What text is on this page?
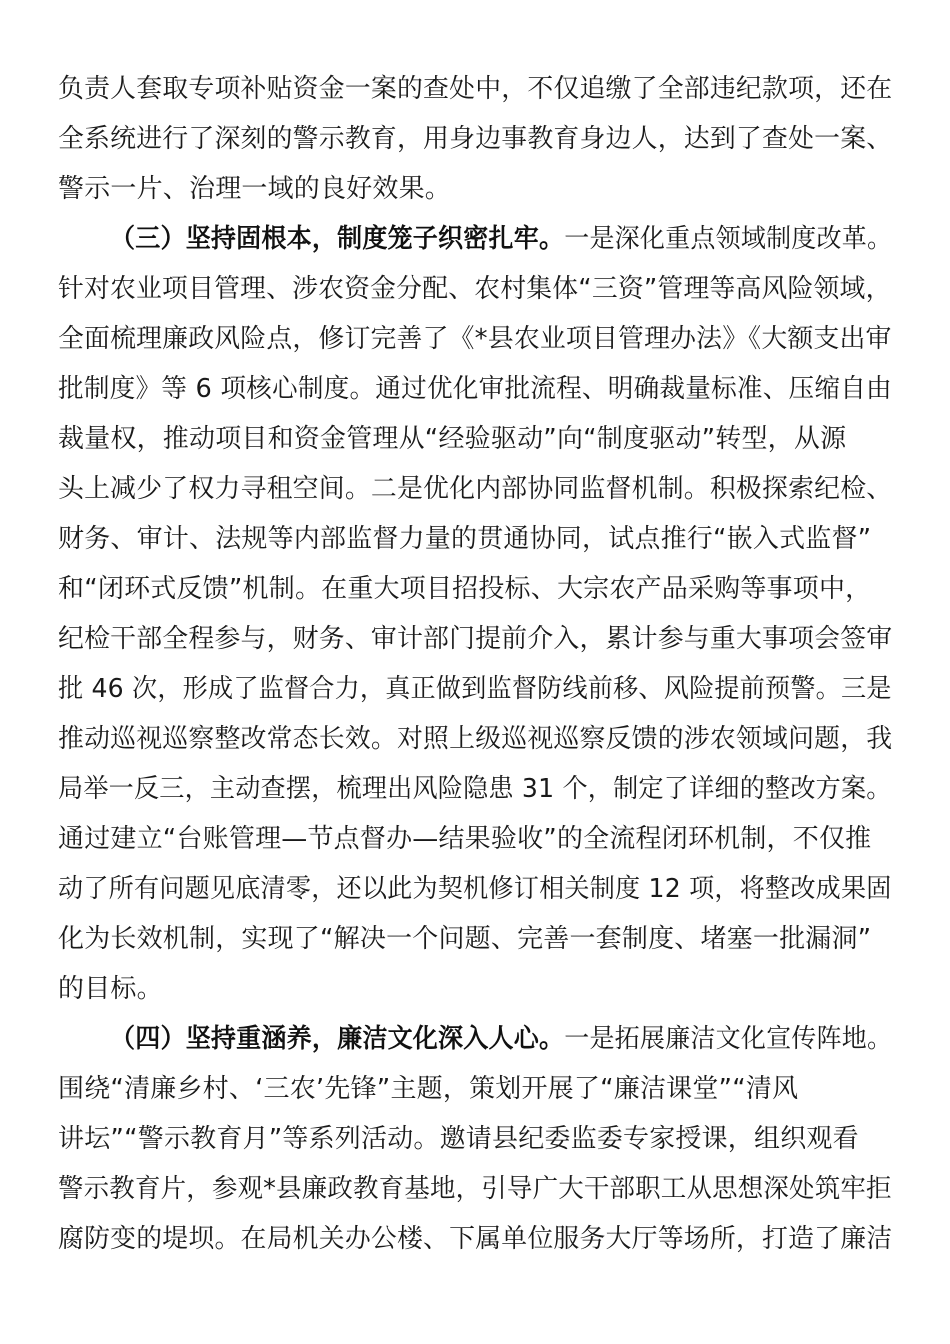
负责人套取专项补贴资金一案的查处中，不仅追缴了全部违纪款项，还在
全系统进行了深刻的警示教育，用身边事教育身边人，达到了查处一案、
警示一片、治理一域的良好效果。
（三）坚持固根本，制度笼子织密扎牢。一是深化重点领域制度改革。
针对农业项目管理、涉农资金分配、农村集体“三资”管理等高风险领域，
全面梳理廉政风险点，修订完善了《*县农业项目管理办法》《大额支出审
批制度》等 6 项核心制度。通过优化审批流程、明确裁量标准、压缩自由
裁量权，推动项目和资金管理从“经验驱动”向“制度驱动”转型，从源
头上减少了权力寻租空间。二是优化内部协同监督机制。积极探索纪检、
财务、审计、法规等内部监督力量的贯通协同，试点推行“嵌入式监督”
和“闭环式反馈”机制。在重大项目招投标、大宗农产品采购等事项中，
纪检干部全程参与，财务、审计部门提前介入，累计参与重大事项会签审
批 46 次，形成了监督合力，真正做到监督防线前移、风险提前预警。三是
推动巡视巡察整改常态长效。对照上级巡视巡察反馈的涉农领域问题，我
局举一反三，主动查摆，梳理出风险隐患 31 个，制定了详细的整改方案。
通过建立“台账管理—节点督办—结果验收”的全流程闭环机制，不仅推
动了所有问题见底清零，还以此为契机修订相关制度 12 项，将整改成果固
化为长效机制，实现了“解决一个问题、完善一套制度、堵塞一批漏洞”
的目标。
（四）坚持重涵养，廉洁文化深入人心。一是拓展廉洁文化宣传阵地。
围绕“清廉乡村、‘三农’先锋”主题，策划开展了“廉洁课堂”“清风
讲坛”“警示教育月”等系列活动。邀请县纪委监委专家授课，组织观看
警示教育片，参观*县廉政教育基地，引导广大干部职工从思想深处筑牢拒
腐防变的堤坝。在局机关办公楼、下属单位服务大厅等场所，打造了廉洁
